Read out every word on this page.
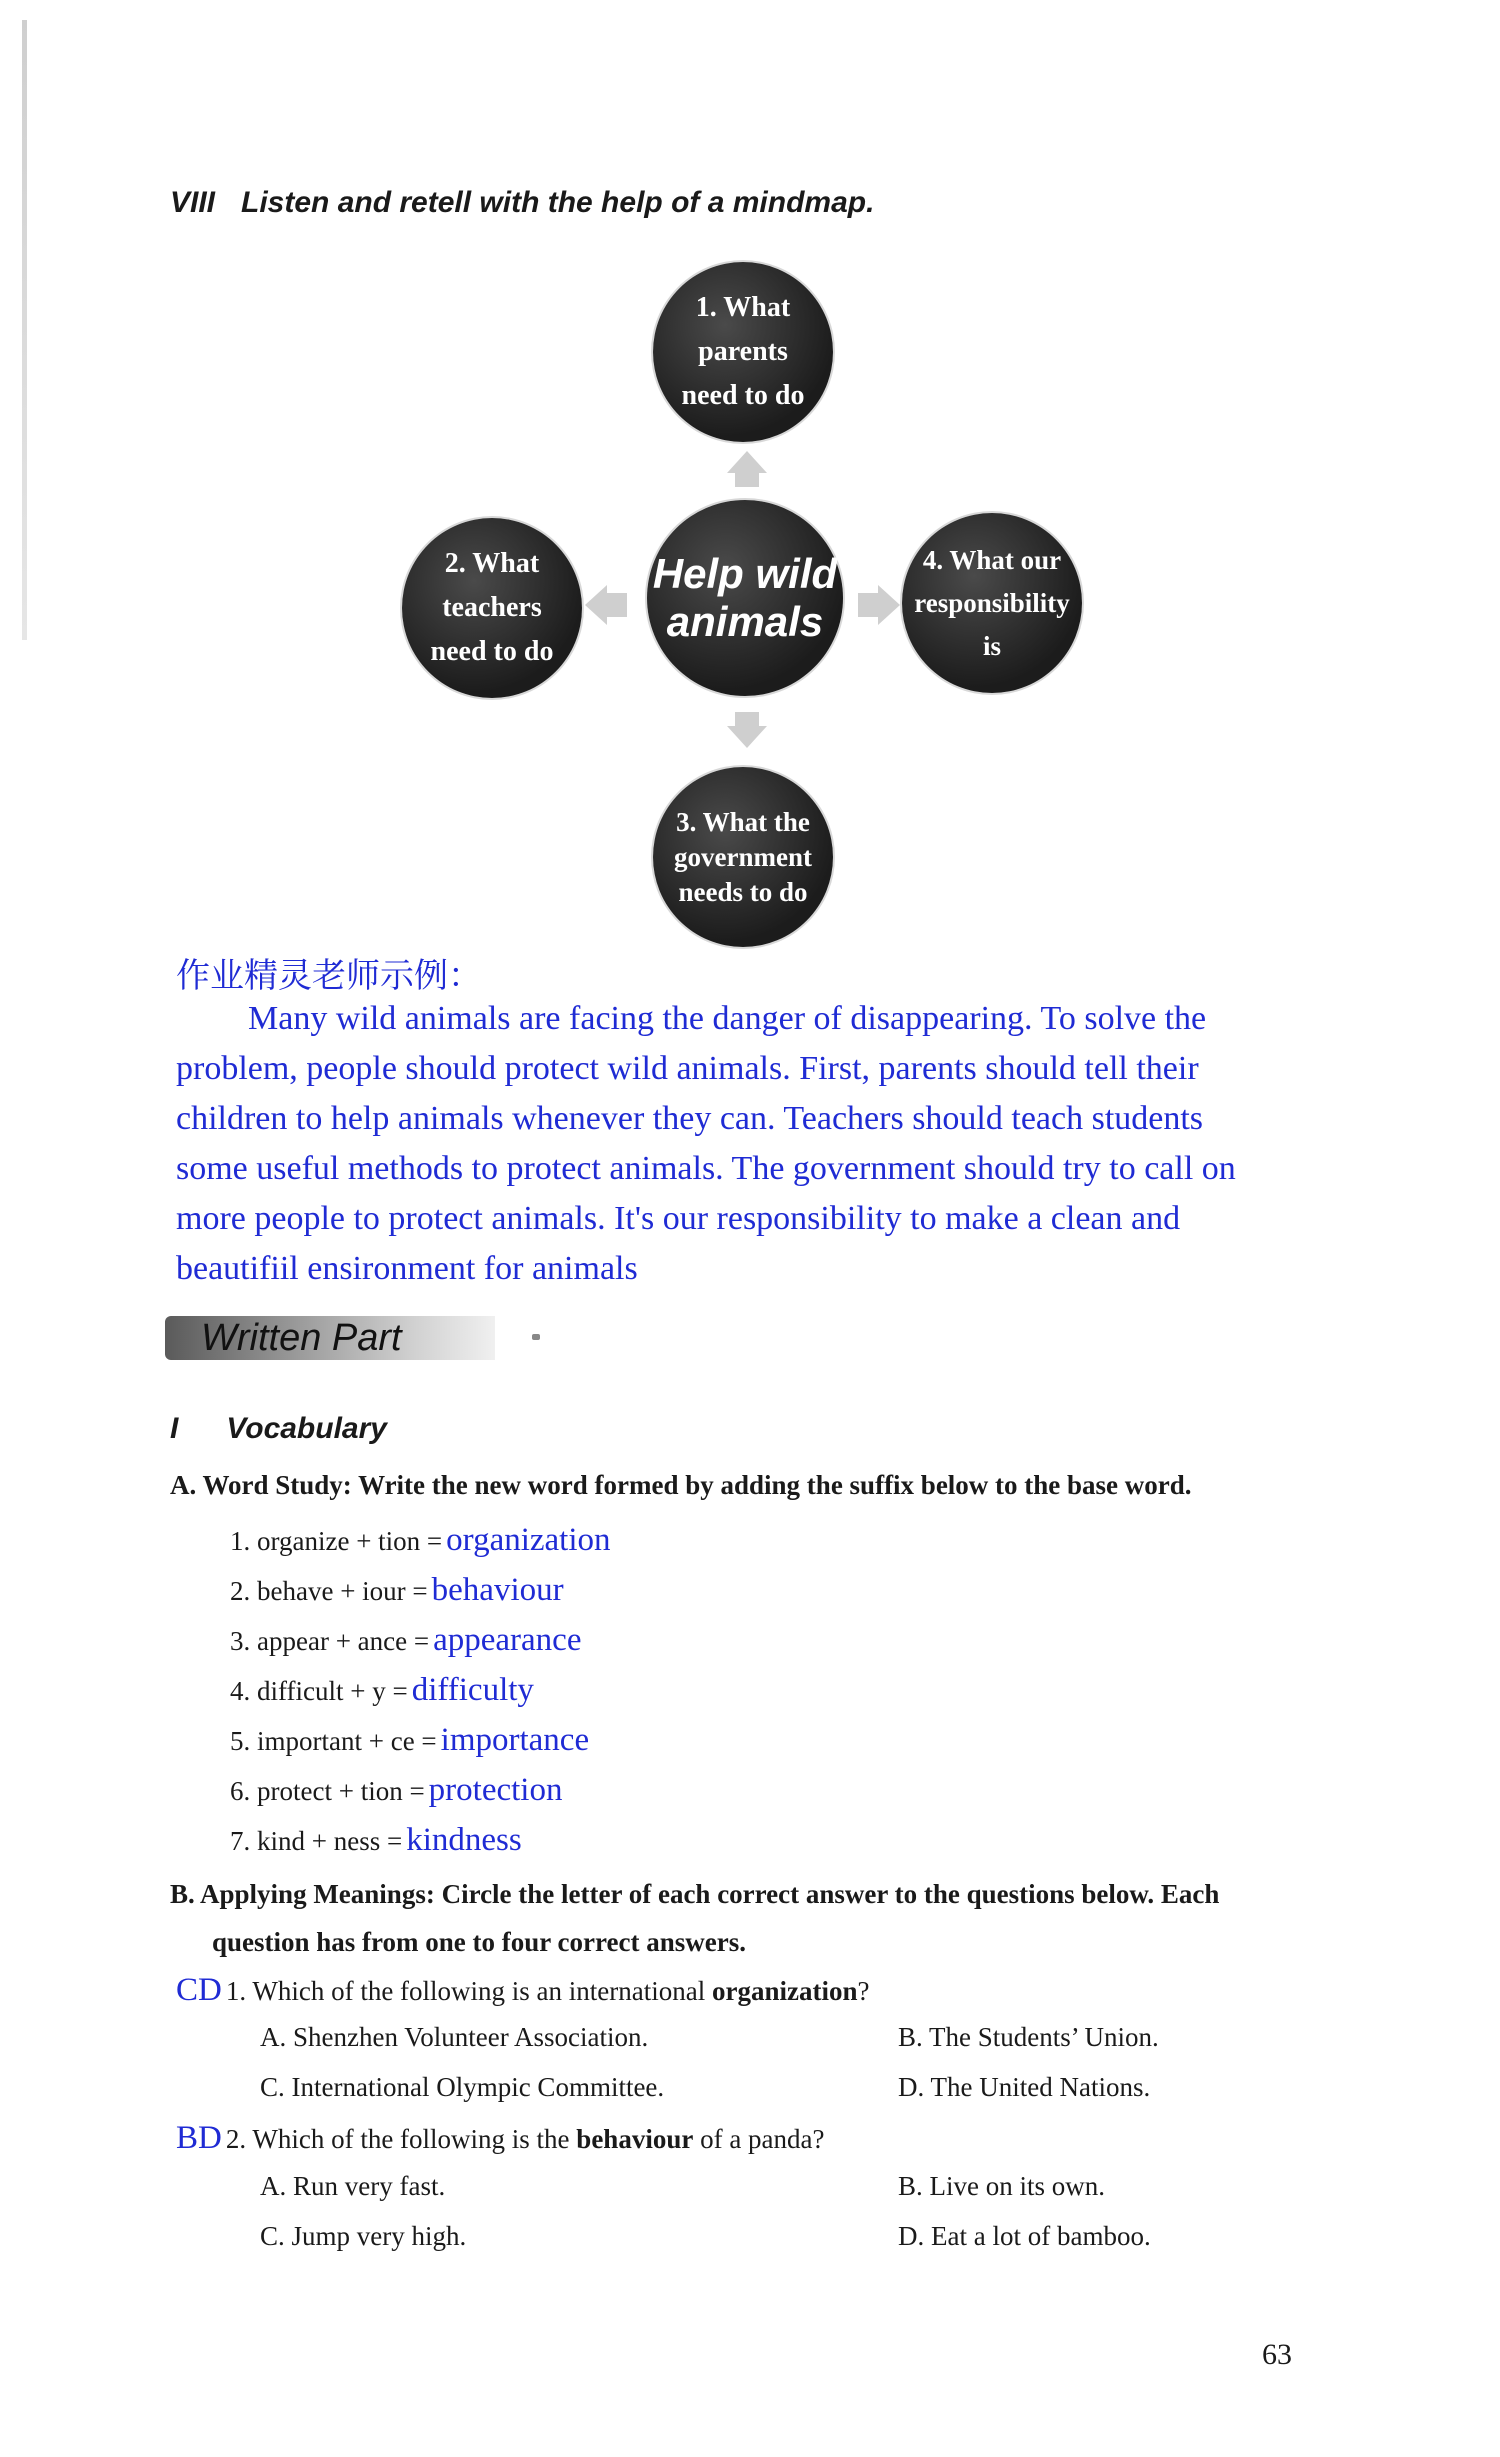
VIII Listen and retell with the help of a mindmap.
1. What
parents
need to do
2. What
teachers
need to do
Help wild
animals
4. What our
responsibility
is
3. What the
government
needs to do
作业精灵老师示例：
Many wild animals are facing the danger of disappearing. To solve the problem, people should protect wild animals. First, parents should tell their children to help animals whenever they can. Teachers should teach students some useful methods to protect animals. The government should try to call on more people to protect animals. It's our responsibility to make a clean and beautifiil ensironment for animals
Written Part
I Vocabulary
A. Word Study: Write the new word formed by adding the suffix below to the base word.
1. organize + tion = organization
2. behave + iour = behaviour
3. appear + ance = appearance
4. difficult + y = difficulty
5. important + ce = importance
6. protect + tion = protection
7. kind + ness = kindness
B. Applying Meanings: Circle the letter of each correct answer to the questions below. Each
question has from one to four correct answers.
CD 1. Which of the following is an international organization?
A. Shenzhen Volunteer Association.	B. The Students’ Union.
C. International Olympic Committee.	D. The United Nations.
BD 2. Which of the following is the behaviour of a panda?
A. Run very fast.	B. Live on its own.
C. Jump very high.	D. Eat a lot of bamboo.
63
